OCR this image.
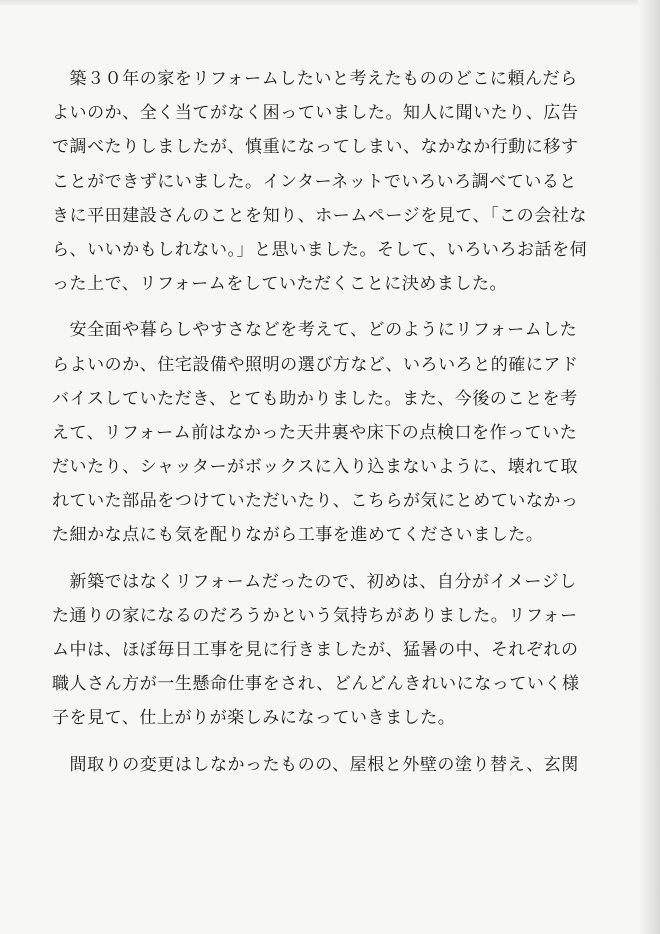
　築３０年の家をリフォームしたいと考えたもののどこに頼んだら
よいのか、全く当てがなく困っていました。知人に聞いたり、広告
で調べたりしましたが、慎重になってしまい、なかなか行動に移す
ことができずにいました。インターネットでいろいろ調べていると
きに平田建設さんのことを知り、ホームページを見て、「この会社な
ら、いいかもしれない。」と思いました。そして、いろいろお話を伺
った上で、リフォームをしていただくことに決めました。

　安全面や暮らしやすさなどを考えて、どのようにリフォームした
らよいのか、住宅設備や照明の選び方など、いろいろと的確にアド
バイスしていただき、とても助かりました。また、今後のことを考
えて、リフォーム前はなかった天井裏や床下の点検口を作っていた
だいたり、シャッターがボックスに入り込まないように、壊れて取
れていた部品をつけていただいたり、こちらが気にとめていなかっ
た細かな点にも気を配りながら工事を進めてくださいました。

　新築ではなくリフォームだったので、初めは、自分がイメージし
た通りの家になるのだろうかという気持ちがありました。リフォー
ム中は、ほぼ毎日工事を見に行きましたが、猛暑の中、それぞれの
職人さん方が一生懸命仕事をされ、どんどんきれいになっていく様
子を見て、仕上がりが楽しみになっていきました。

　間取りの変更はしなかったものの、屋根と外壁の塗り替え、玄関
